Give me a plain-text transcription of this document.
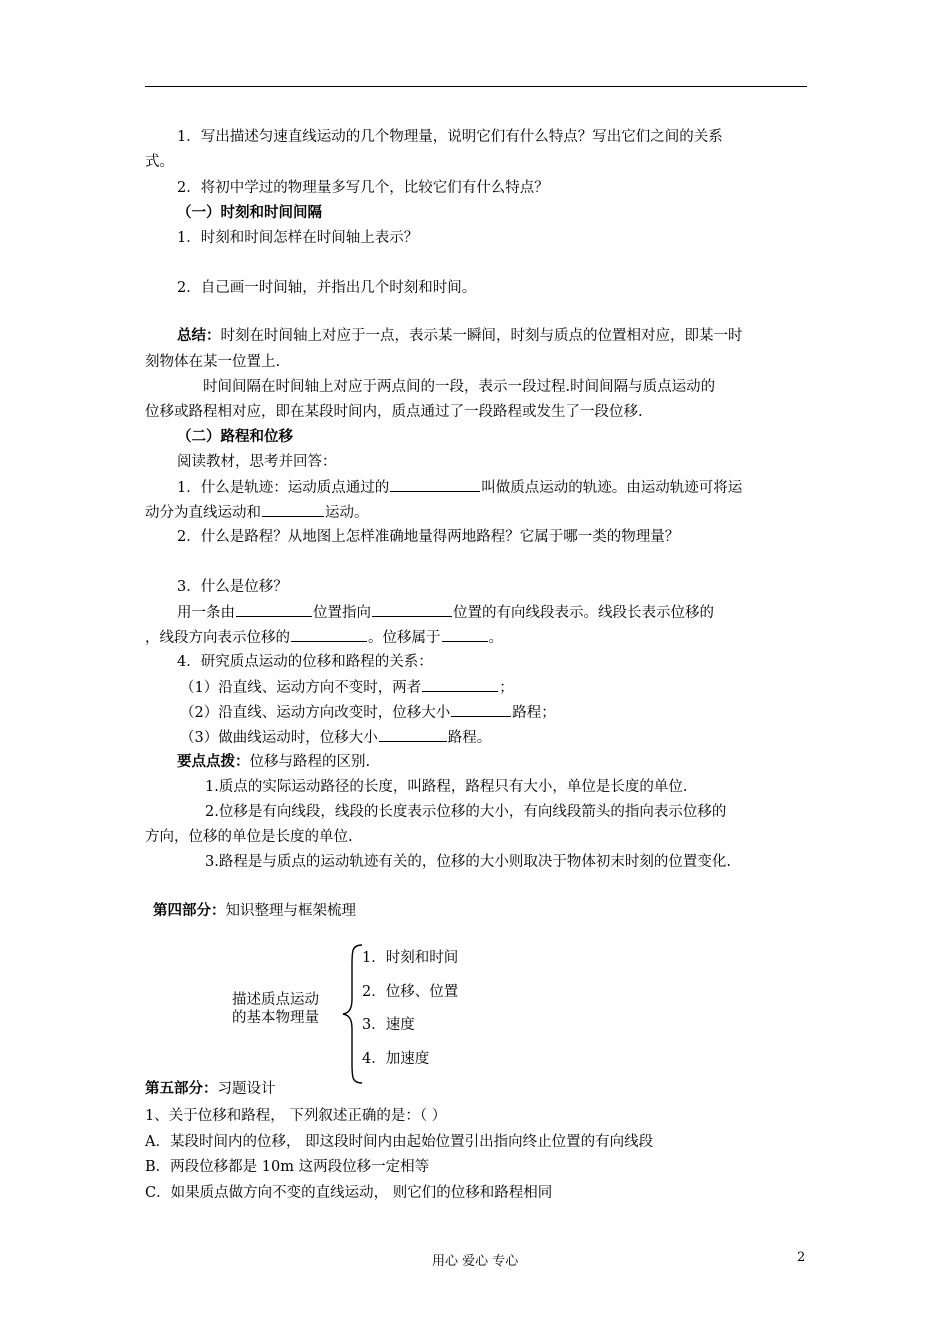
1．写出描述匀速直线运动的几个物理量，说明它们有什么特点？写出它们之间的关系
式。
2．将初中学过的物理量多写几个，比较它们有什么特点？
（一）时刻和时间间隔
1．时刻和时间怎样在时间轴上表示？
2．自己画一时间轴，并指出几个时刻和时间。
总结：时刻在时间轴上对应于一点，表示某一瞬间，时刻与质点的位置相对应，即某一时
刻物体在某一位置上.
时间间隔在时间轴上对应于两点间的一段，表示一段过程.时间间隔与质点运动的
位移或路程相对应，即在某段时间内，质点通过了一段路程或发生了一段位移.
（二）路程和位移
阅读教材，思考并回答：
1．什么是轨迹：运动质点通过的	叫做质点运动的轨迹。由运动轨迹可将运
动分为直线运动和	运动。
2．什么是路程？从地图上怎样准确地量得两地路程？它属于哪一类的物理量？
3．什么是位移？
用一条由	位置指向	位置的有向线段表示。线段长表示位移的
，线段方向表示位移的	。位移属于	。
4．研究质点运动的位移和路程的关系：
（1）沿直线、运动方向不变时，两者	；
（2）沿直线、运动方向改变时，位移大小	路程；
（3）做曲线运动时，位移大小	路程。
要点点拨：位移与路程的区别.
1.质点的实际运动路径的长度，叫路程，路程只有大小，单位是长度的单位.
2.位移是有向线段，线段的长度表示位移的大小，有向线段箭头的指向表示位移的
方向，位移的单位是长度的单位.
3.路程是与质点的运动轨迹有关的，位移的大小则取决于物体初末时刻的位置变化.
第四部分：知识整理与框架梳理
描述质点运动
的基本物理量
1．时刻和时间
2．位移、位置
3．速度
4．加速度
第五部分：习题设计
1、关于位移和路程， 下列叙述正确的是：（ ）
A．某段时间内的位移， 即这段时间内由起始位置引出指向终止位置的有向线段
B．两段位移都是 10m 这两段位移一定相等
C．如果质点做方向不变的直线运动， 则它们的位移和路程相同
用心 爱心 专心	2
